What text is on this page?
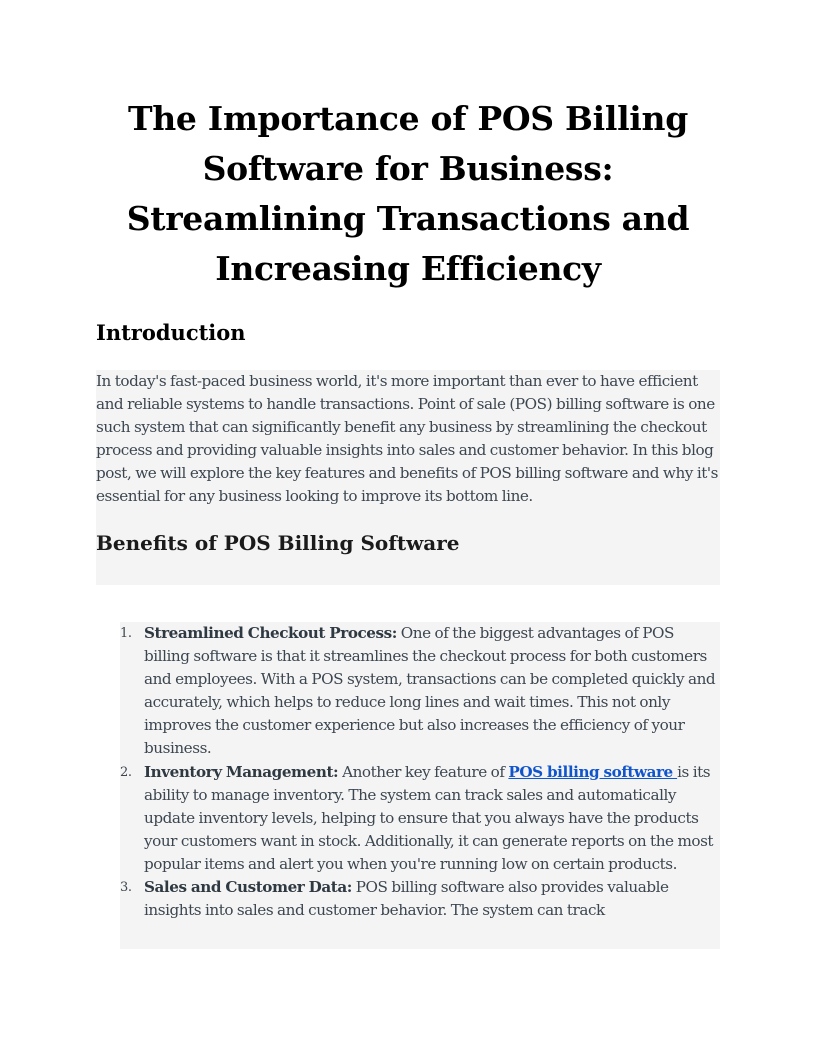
The Importance of POS Billing Software for Business: Streamlining Transactions and Increasing Efficiency
Introduction

In today's fast-paced business world, it's more important than ever to have efficient and reliable systems to handle transactions. Point of sale (POS) billing software is one such system that can significantly benefit any business by streamlining the checkout process and providing valuable insights into sales and customer behavior. In this blog post, we will explore the key features and benefits of POS billing software and why it's essential for any business looking to improve its bottom line.

Benefits of POS Billing Software
1. Streamlined Checkout Process: One of the biggest advantages of POS billing software is that it streamlines the checkout process for both customers and employees. With a POS system, transactions can be completed quickly and accurately, which helps to reduce long lines and wait times. This not only improves the customer experience but also increases the efficiency of your business.
2. Inventory Management: Another key feature of POS billing software is its ability to manage inventory. The system can track sales and automatically update inventory levels, helping to ensure that you always have the products your customers want in stock. Additionally, it can generate reports on the most popular items and alert you when you're running low on certain products.
3. Sales and Customer Data: POS billing software also provides valuable insights into sales and customer behavior. The system can track
